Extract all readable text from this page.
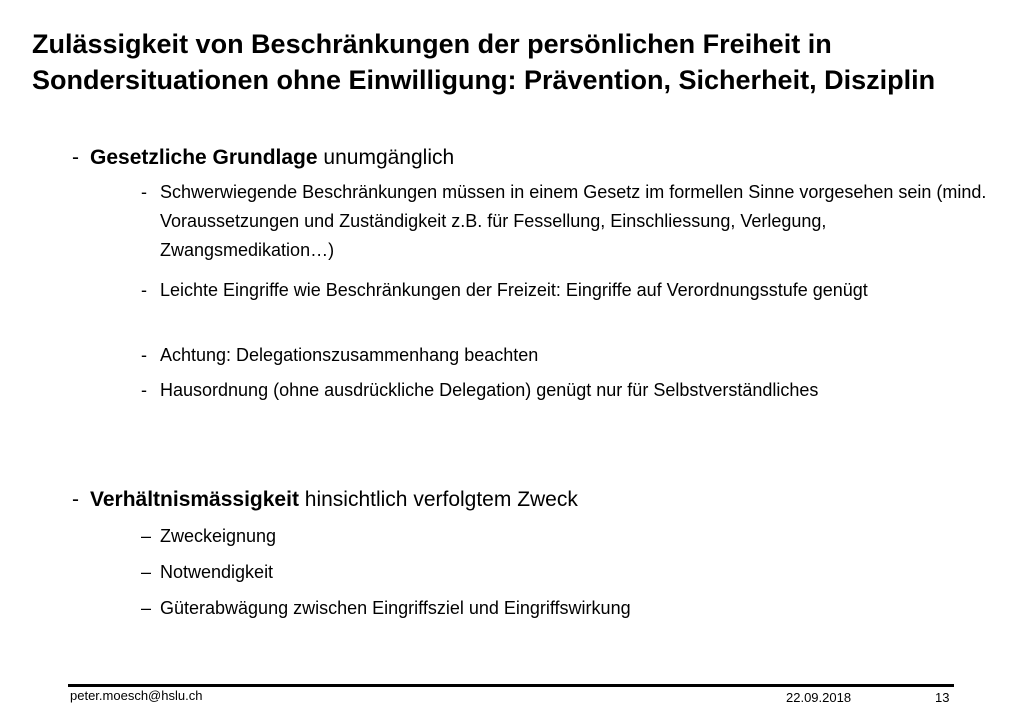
Zulässigkeit von Beschränkungen der persönlichen Freiheit in Sondersituationen ohne Einwilligung: Prävention, Sicherheit, Disziplin
- Gesetzliche Grundlage unumgänglich
- Schwerwiegende Beschränkungen müssen in einem Gesetz im formellen Sinne vorgesehen sein (mind. Voraussetzungen und Zuständigkeit z.B. für Fessellung, Einschliessung, Verlegung, Zwangsmedikation…)
- Leichte Eingriffe wie Beschränkungen der Freizeit: Eingriffe auf Verordnungsstufe genügt
- Achtung: Delegationszusammenhang beachten
- Hausordnung (ohne ausdrückliche Delegation) genügt nur für Selbstverständliches
- Verhältnismässigkeit hinsichtlich verfolgtem Zweck
– Zweckeignung
– Notwendigkeit
– Güterabwägung zwischen Eingriffsziel und Eingriffswirkung
peter.moesch@hslu.ch	22.09.2018	13
